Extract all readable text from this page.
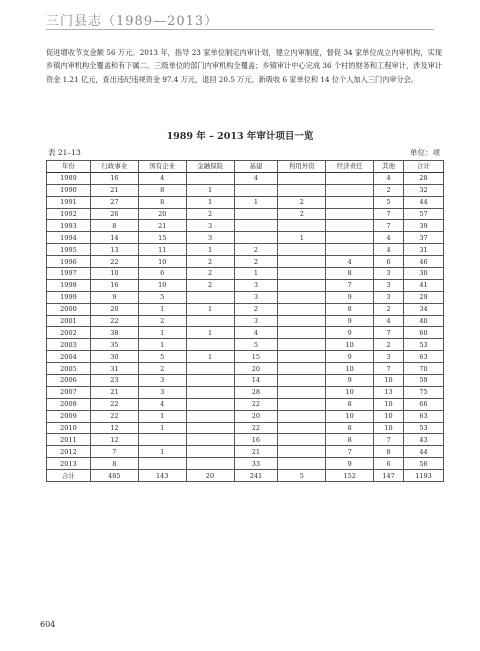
三门县志（1989—2013）
促进增收节支金额 56 万元。2013 年，指导 23 家单位制定内审计划，建立内审制度，督促 34 家单位成立内审机构，实现乡镇内审机构全覆盖和有下属二、三级单位的部门内审机构全覆盖；乡镇审计中心完成 36 个村的财务和工程审计，涉及审计资金 1.21 亿元，查出违纪违规资金 97.4 万元，退回 20.5 万元。新吸收 6 家单位和 14 位个人加入三门内审分会。
1989 年 – 2013 年审计项目一览
表 21–13	单位：项
年份	行政事业	国有企业	金融保险	基建	利用外资	经济责任	其他	合计
1989	16	4		4			4	28
1990	21	8	1				2	32
1991	27	8	1	1	2		5	44
1992	26	20	2		2		7	57
1993	8	21	3				7	39
1994	14	15	3		1		4	37
1995	13	11	1	2			4	31
1996	22	10	2	2		4	6	46
1997	10	6	2	1		8	3	30
1998	16	10	2	3		7	3	41
1999	9	5		3		9	3	29
2000	20	1	1	2		8	2	34
2001	22	2		3		9	4	40
2002	38	1	1	4		9	7	60
2003	35	1		5		10	2	53
2004	30	5	1	15		9	3	63
2005	31	2		20		10	7	70
2006	23	3		14		9	10	59
2007	21	3		28		10	13	75
2008	22	4		22		8	10	66
2009	22	1		20		10	10	63
2010	12	1		22		8	10	53
2011	12			16		8	7	43
2012	7	1		21		7	8	44
2013	8			33		9	6	56
合计	485	143	20	241	5	152	147	1193
604
